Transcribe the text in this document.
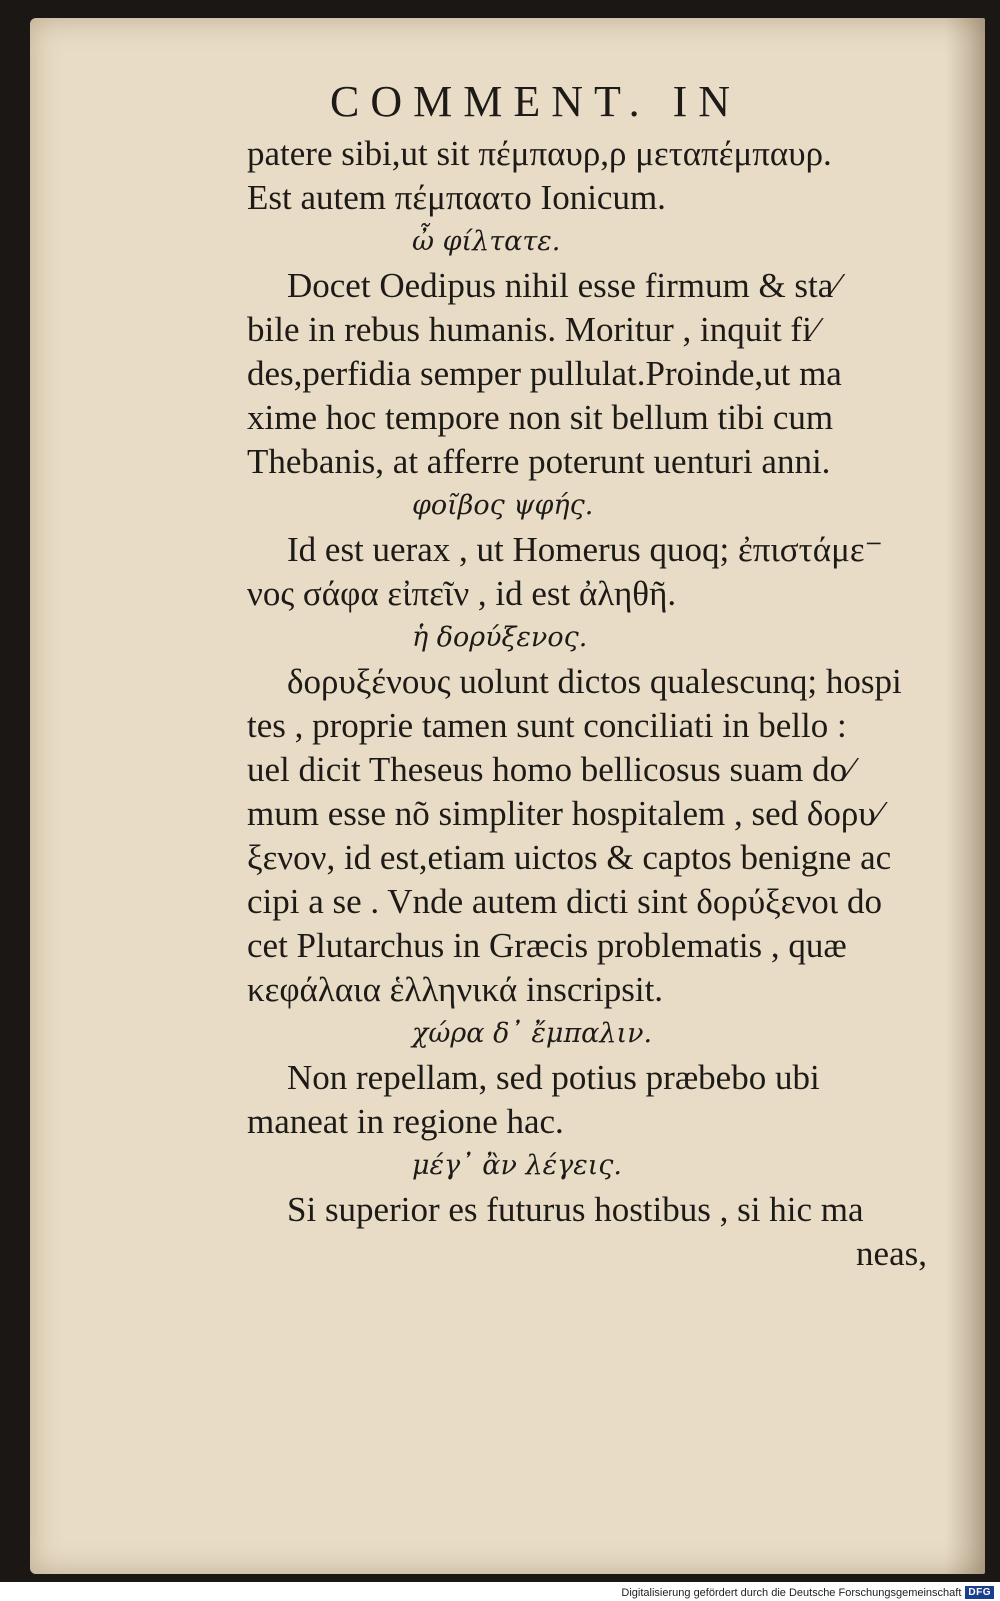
COMMENT. IN
patere sibi,ut sit πέμπαυρ,ρ μεταπέμπαυρ.
Est autem πέμπαατο Ionicum.
ὦ φίλτατε.
Docet Oedipus nihil esse firmum & sta⁄
bile in rebus humanis. Moritur , inquit fi⁄
des,perfidia semper pullulat.Proinde,ut ma
xime hoc tempore non sit bellum tibi cum
Thebanis, at afferre poterunt uenturi anni.
φοῖβος ψφής.
Id est uerax , ut Homerus quoq; ἐπιστάμε⁻
νος σάφα εἰπεῖν , id est ἀληθῆ.
ἡ δορύξενος.
δορυξένους uolunt dictos qualescunq; hospi
tes , proprie tamen sunt conciliati in bello :
uel dicit Theseus homo bellicosus suam do⁄
mum esse nõ simpliter hospitalem , sed δορυ⁄
ξενον, id est,etiam uictos & captos benigne ac
cipi a se . Vnde autem dicti sint δορύξενοι do
cet Plutarchus in Græcis problematis , quæ
κεφάλαια ἑλληνικά inscripsit.
χώρα δ᾽ ἔμπαλιν.
Non repellam, sed potius præbebo ubi
maneat in regione hac.
μέγ᾽ ἂν λέγεις.
Si superior es futurus hostibus , si hic ma
neas,
Digitalisierung gefördert durch die Deutsche Forschungsgemeinschaft DFG
